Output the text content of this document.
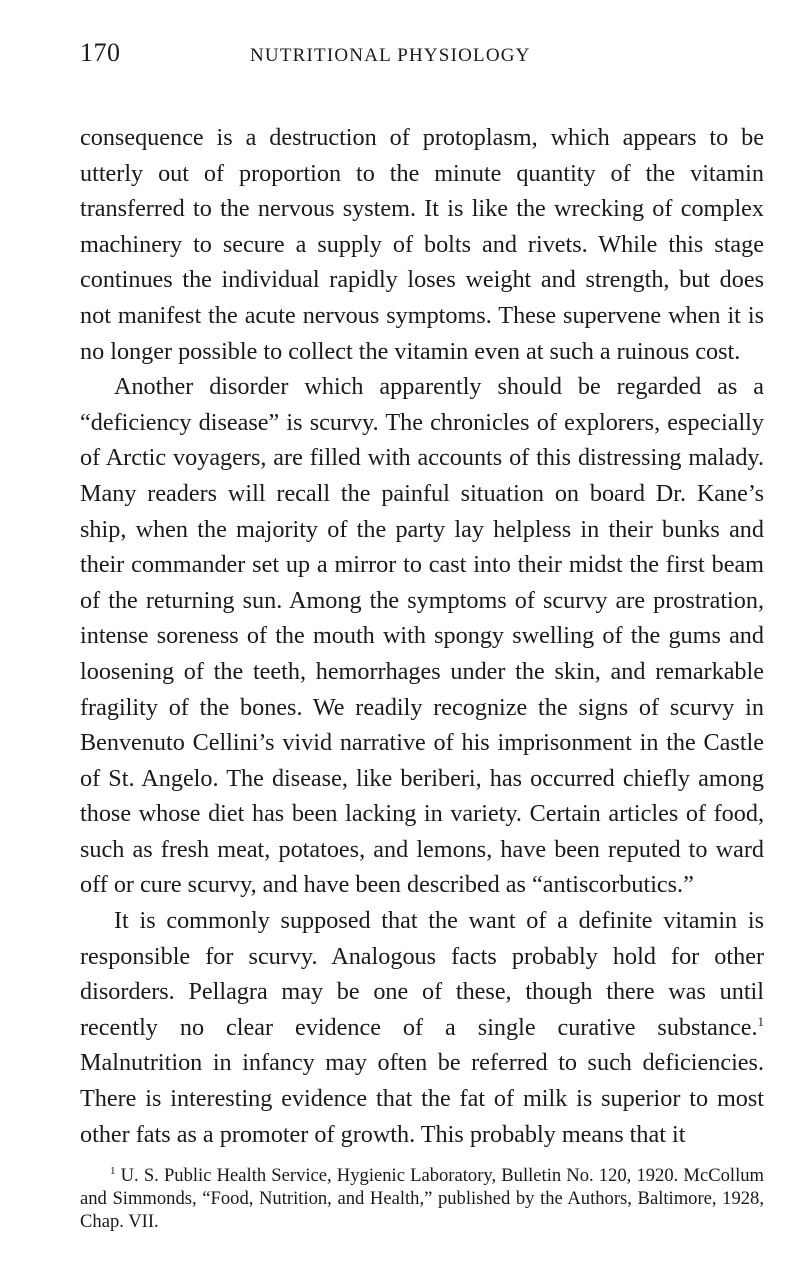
170	NUTRITIONAL PHYSIOLOGY

consequence is a destruction of protoplasm, which appears to be utterly out of proportion to the minute quantity of the vitamin transferred to the nervous system. It is like the wrecking of complex machinery to secure a supply of bolts and rivets. While this stage continues the individual rapidly loses weight and strength, but does not manifest the acute nervous symptoms. These supervene when it is no longer possible to collect the vitamin even at such a ruinous cost.

Another disorder which apparently should be regarded as a “deficiency disease” is scurvy. The chronicles of explorers, especially of Arctic voyagers, are filled with accounts of this distressing malady. Many readers will recall the painful situation on board Dr. Kane’s ship, when the majority of the party lay helpless in their bunks and their commander set up a mirror to cast into their midst the first beam of the returning sun. Among the symptoms of scurvy are prostration, intense soreness of the mouth with spongy swelling of the gums and loosening of the teeth, hemorrhages under the skin, and remarkable fragility of the bones. We readily recognize the signs of scurvy in Benvenuto Cellini’s vivid narrative of his imprisonment in the Castle of St. Angelo. The disease, like beriberi, has occurred chiefly among those whose diet has been lacking in variety. Certain articles of food, such as fresh meat, potatoes, and lemons, have been reputed to ward off or cure scurvy, and have been described as “antiscorbutics.”

It is commonly supposed that the want of a definite vitamin is responsible for scurvy. Analogous facts probably hold for other disorders. Pellagra may be one of these, though there was until recently no clear evidence of a single curative substance.$^1$ Malnutrition in infancy may often be referred to such deficiencies. There is interesting evidence that the fat of milk is superior to most other fats as a promoter of growth. This probably means that it

$^1$ U. S. Public Health Service, Hygienic Laboratory, Bulletin No. 120, 1920. McCollum and Simmonds, “Food, Nutrition, and Health,” published by the Authors, Baltimore, 1928, Chap. VII.
